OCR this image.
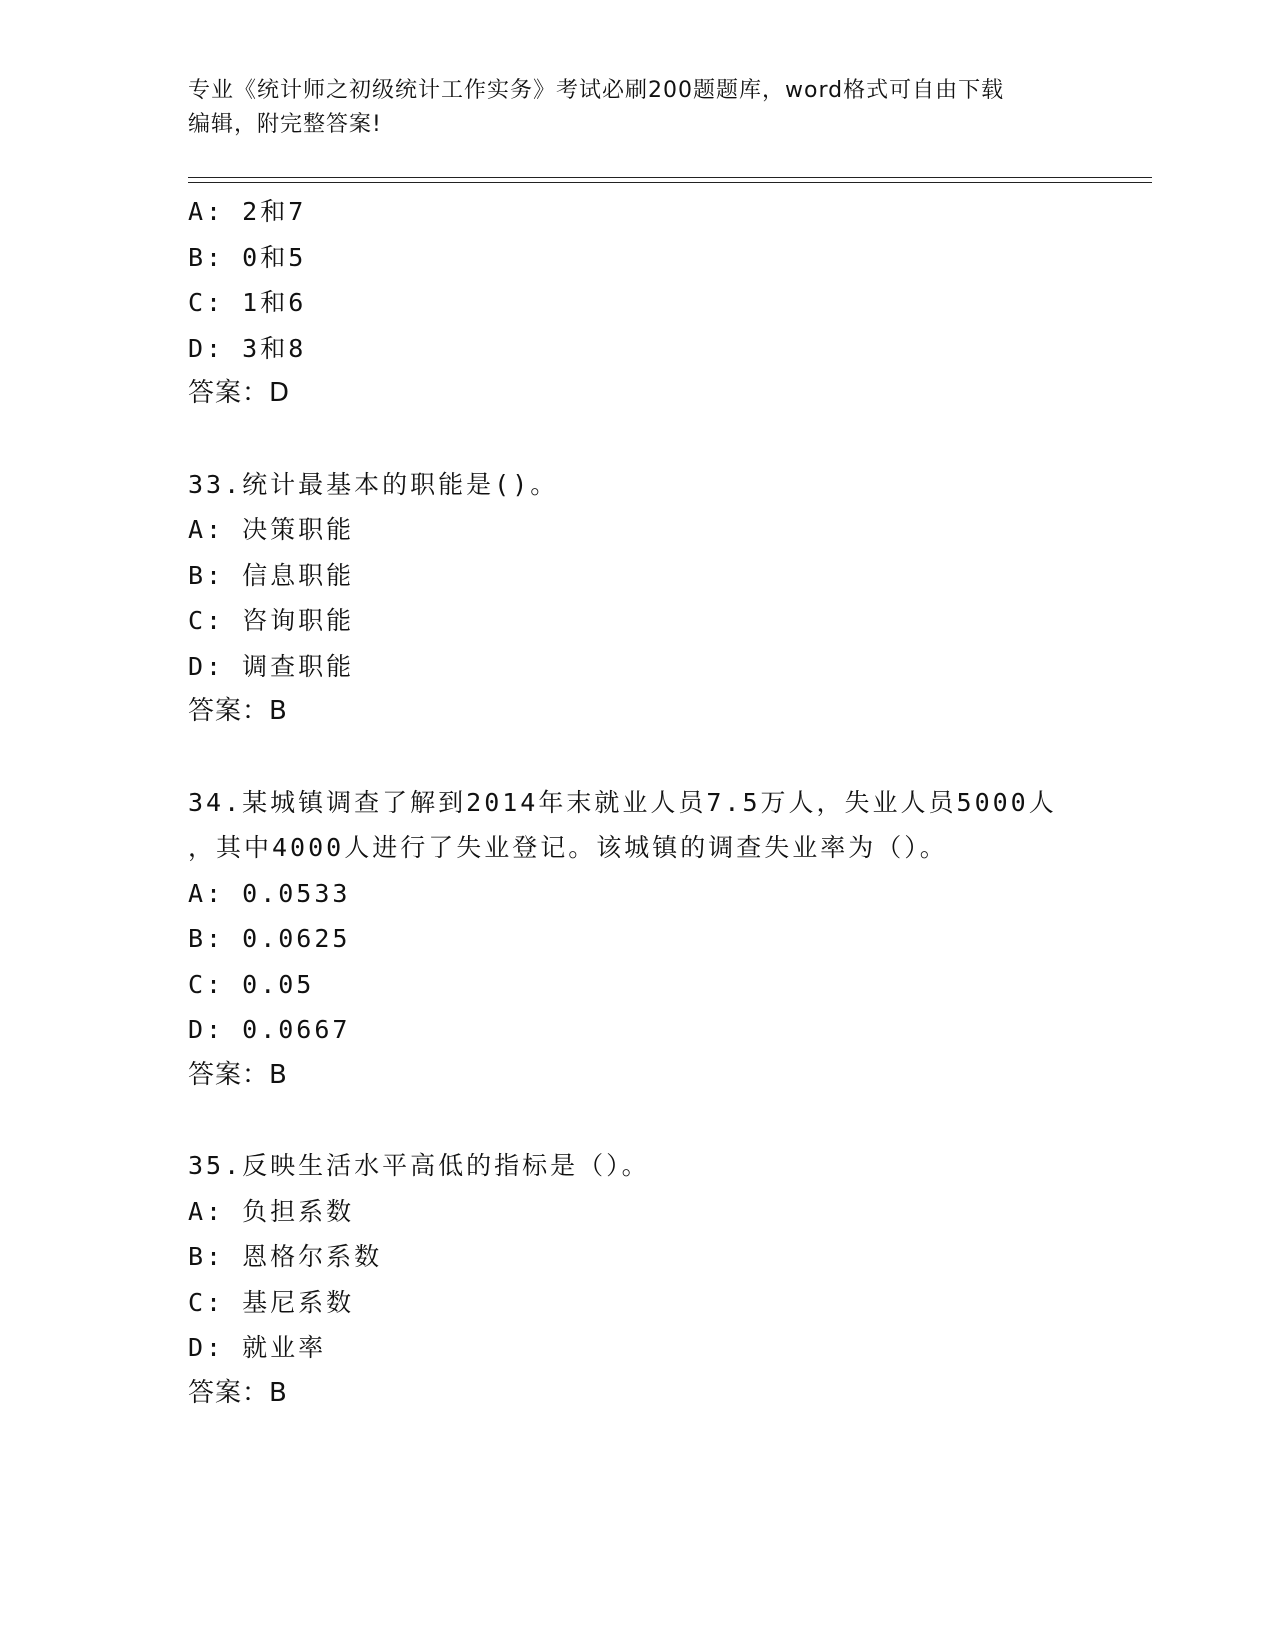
专业《统计师之初级统计工作实务》考试必刷200题题库，word格式可自由下载
编辑，附完整答案!
A: 2和7
B: 0和5
C: 1和6
D: 3和8
答案：D
33.统计最基本的职能是()。
A: 决策职能
B: 信息职能
C: 咨询职能
D: 调查职能
答案：B
34.某城镇调查了解到2014年末就业人员7.5万人，失业人员5000人
，其中4000人进行了失业登记。该城镇的调查失业率为（）。
A: 0.0533
B: 0.0625
C: 0.05
D: 0.0667
答案：B
35.反映生活水平高低的指标是（）。
A: 负担系数
B: 恩格尔系数
C: 基尼系数
D: 就业率
答案：B
